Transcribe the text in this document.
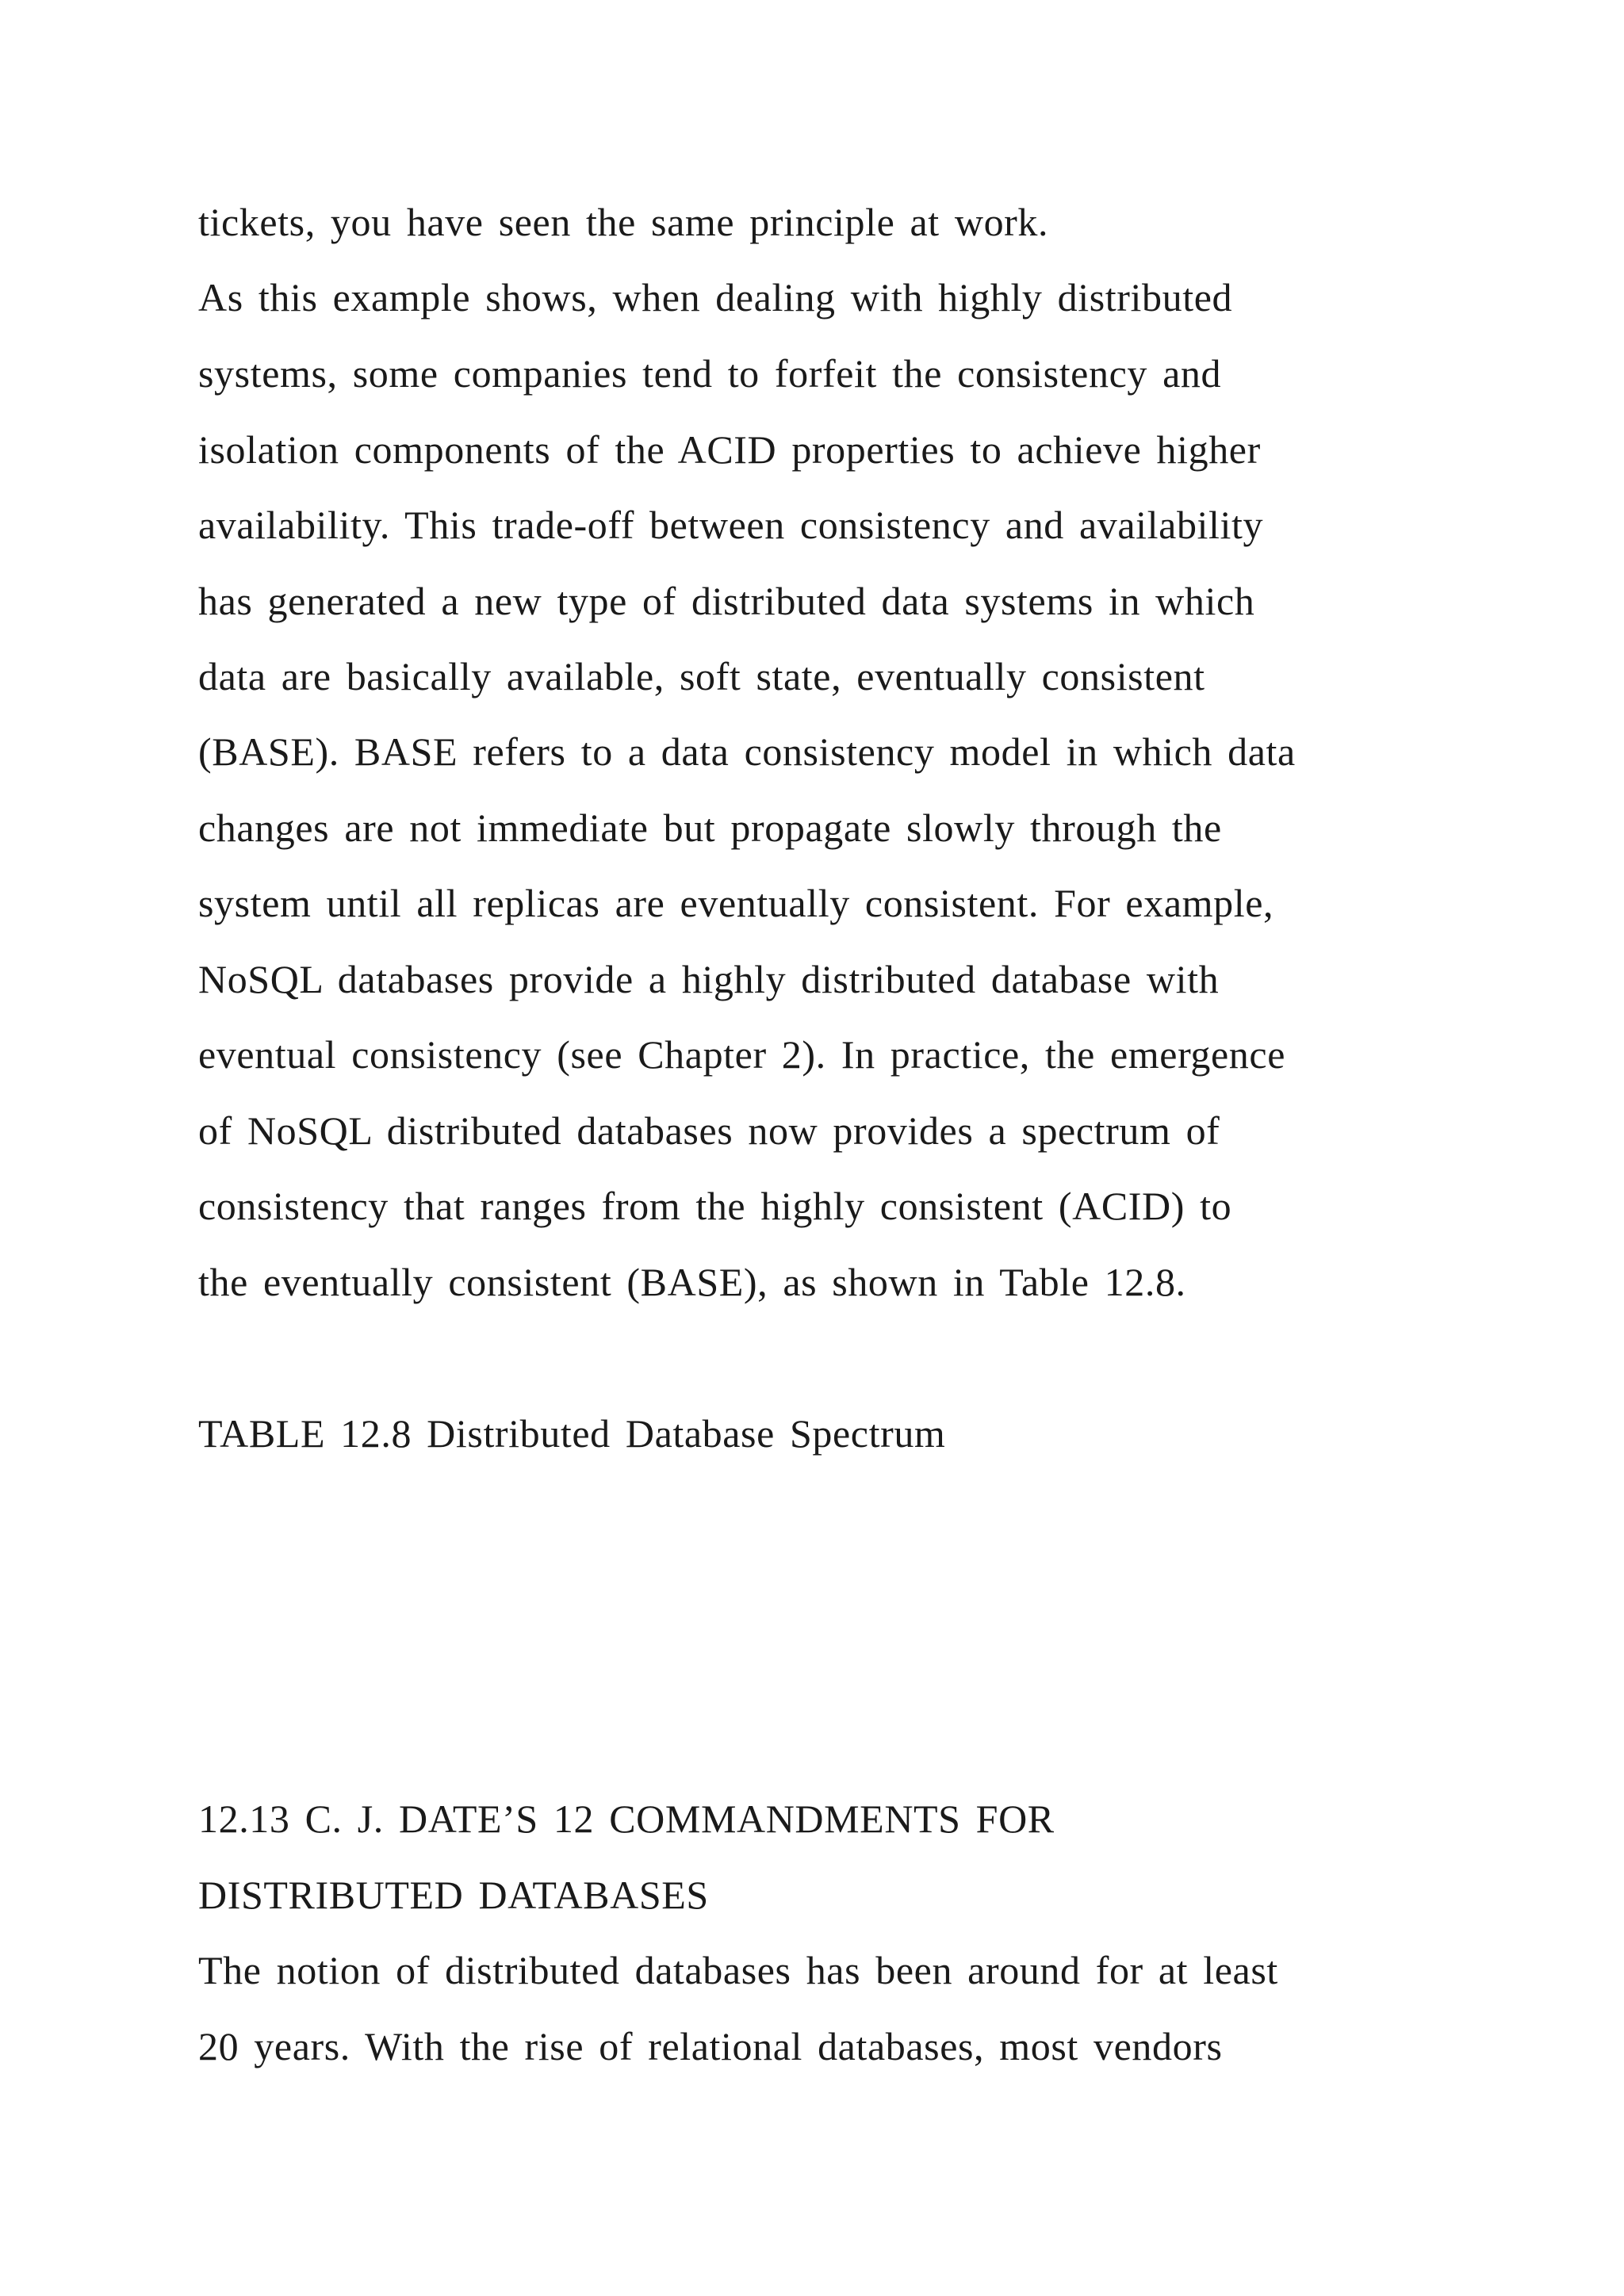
tickets, you have seen the same principle at work.
As this example shows, when dealing with highly distributed
systems, some companies tend to forfeit the consistency and
isolation components of the ACID properties to achieve higher
availability. This trade-off between consistency and availability
has generated a new type of distributed data systems in which
data are basically available, soft state, eventually consistent
(BASE). BASE refers to a data consistency model in which data
changes are not immediate but propagate slowly through the
system until all replicas are eventually consistent. For example,
NoSQL databases provide a highly distributed database with
eventual consistency (see Chapter 2). In practice, the emergence
of NoSQL distributed databases now provides a spectrum of
consistency that ranges from the highly consistent (ACID) to
the eventually consistent (BASE), as shown in Table 12.8.
TABLE 12.8 Distributed Database Spectrum
12.13 C. J. DATE’S 12 COMMANDMENTS FOR
DISTRIBUTED DATABASES
The notion of distributed databases has been around for at least
20 years. With the rise of relational databases, most vendors
